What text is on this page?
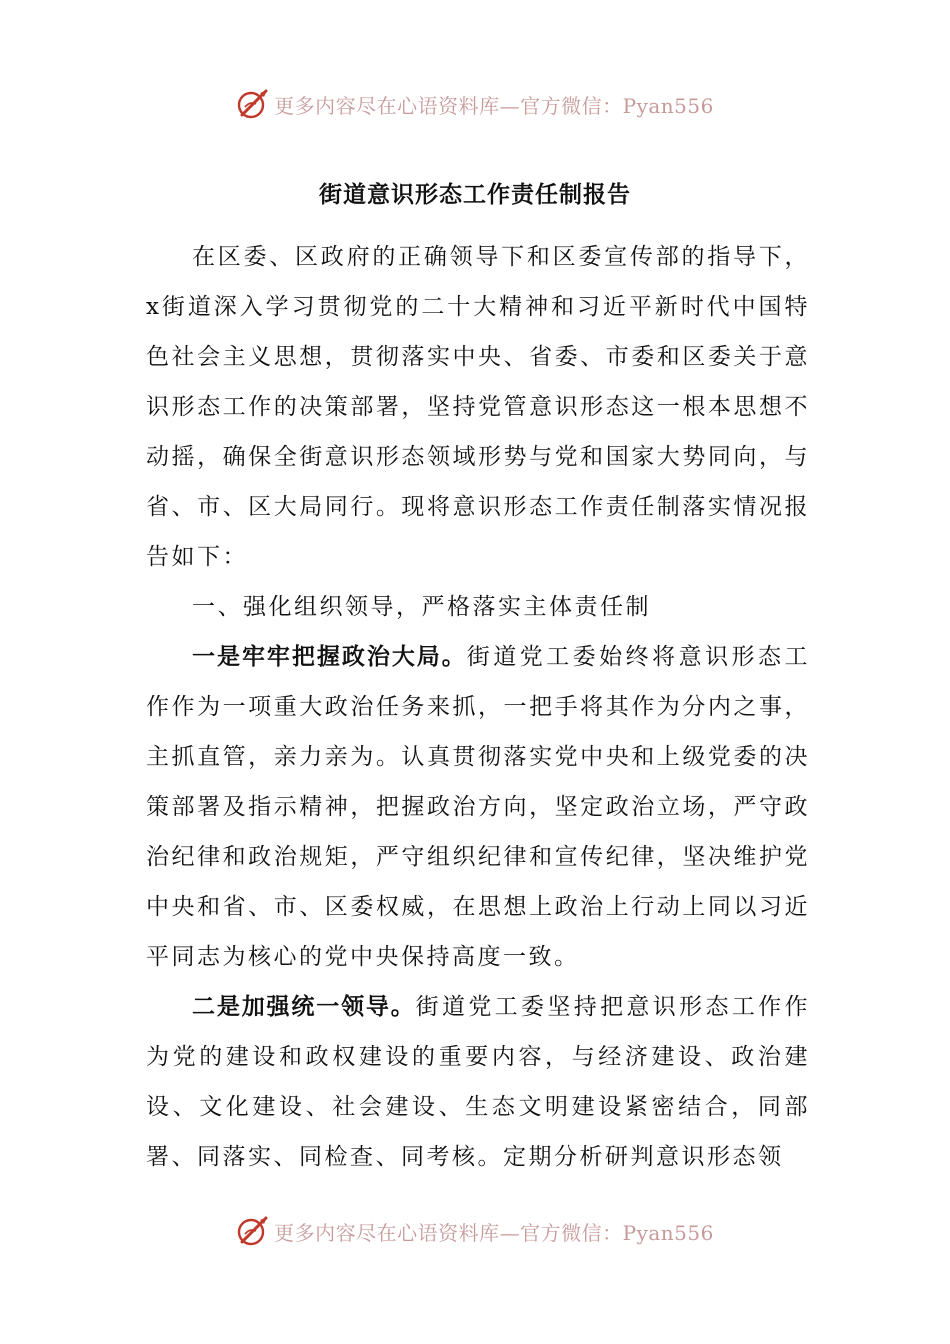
更多内容尽在心语资料库—官方微信：Pyan556
街道意识形态工作责任制报告

在区委、区政府的正确领导下和区委宣传部的指导下，x街道深入学习贯彻党的二十大精神和习近平新时代中国特色社会主义思想，贯彻落实中央、省委、市委和区委关于意识形态工作的决策部署，坚持党管意识形态这一根本思想不动摇，确保全街意识形态领域形势与党和国家大势同向，与省、市、区大局同行。现将意识形态工作责任制落实情况报告如下：

一、强化组织领导，严格落实主体责任制

一是牢牢把握政治大局。街道党工委始终将意识形态工作作为一项重大政治任务来抓，一把手将其作为分内之事，主抓直管，亲力亲为。认真贯彻落实党中央和上级党委的决策部署及指示精神，把握政治方向，坚定政治立场，严守政治纪律和政治规矩，严守组织纪律和宣传纪律，坚决维护党中央和省、市、区委权威，在思想上政治上行动上同以习近平同志为核心的党中央保持高度一致。

二是加强统一领导。街道党工委坚持把意识形态工作作为党的建设和政权建设的重要内容，与经济建设、政治建设、文化建设、社会建设、生态文明建设紧密结合，同部署、同落实、同检查、同考核。定期分析研判意识形态领

更多内容尽在心语资料库—官方微信：Pyan556
